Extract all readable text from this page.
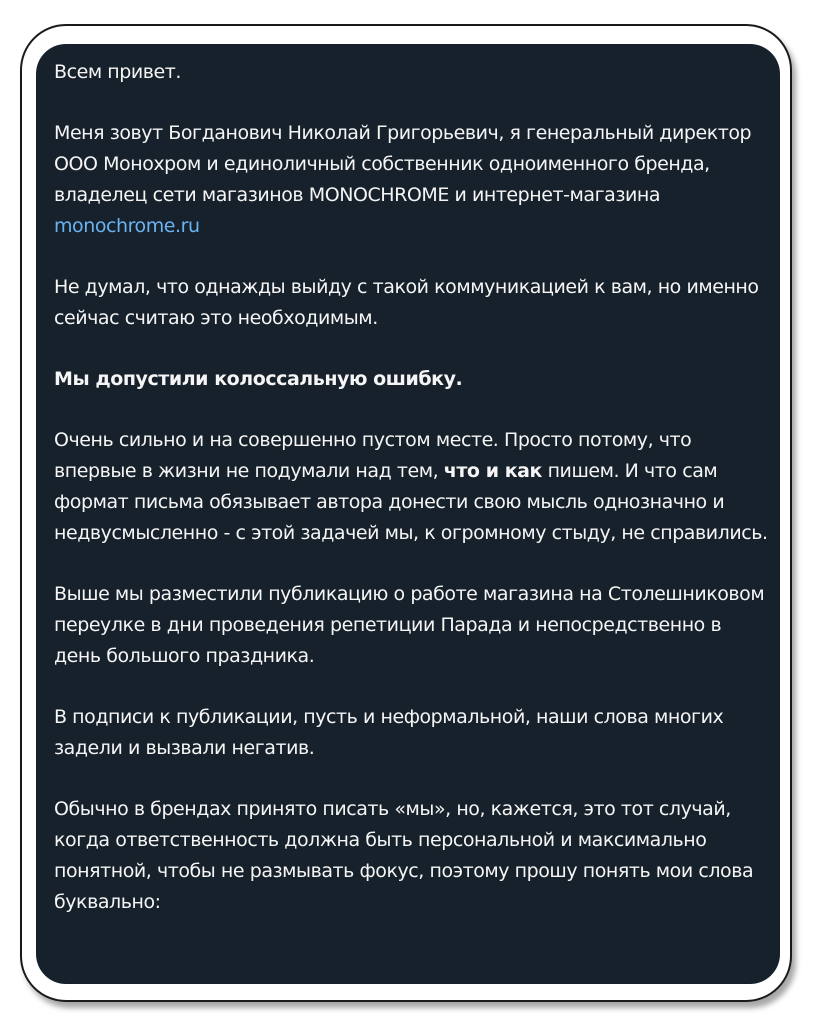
Всем привет.

Меня зовут Богданович Николай Григорьевич, я генеральный директор ООО Монохром и единоличный собственник одноименного бренда, владелец сети магазинов MONOCHROME и интернет-магазина monochrome.ru

Не думал, что однажды выйду с такой коммуникацией к вам, но именно сейчас считаю это необходимым.

Мы допустили колоссальную ошибку.

Очень сильно и на совершенно пустом месте. Просто потому, что впервые в жизни не подумали над тем, что и как пишем. И что сам формат письма обязывает автора донести свою мысль однозначно и недвусмысленно - с этой задачей мы, к огромному стыду, не справились.

Выше мы разместили публикацию о работе магазина на Столешниковом переулке в дни проведения репетиции Парада и непосредственно в день большого праздника.

В подписи к публикации, пусть и неформальной, наши слова многих задели и вызвали негатив.

Обычно в брендах принято писать «мы», но, кажется, это тот случай, когда ответственность должна быть персональной и максимально понятной, чтобы не размывать фокус, поэтому прошу понять мои слова буквально:
